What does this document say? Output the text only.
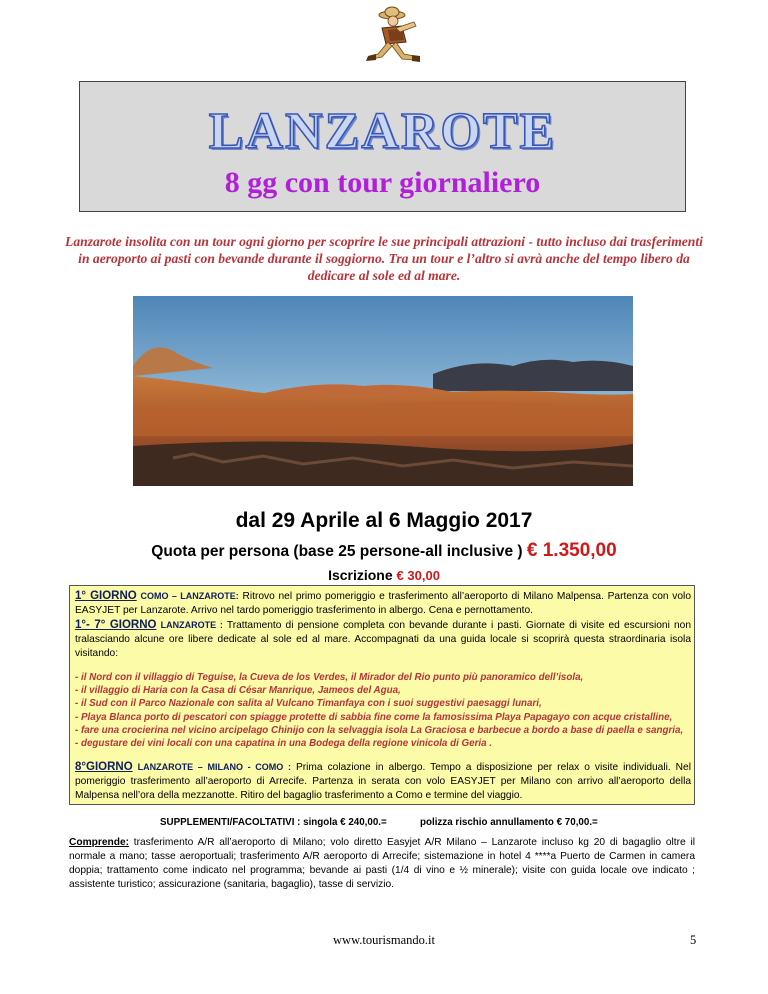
LANZAROTE
8 gg con tour giornaliero

Lanzarote insolita con un tour ogni giorno per scoprire le sue principali attrazioni - tutto incluso dai trasferimenti in aeroporto ai pasti con bevande durante il soggiorno. Tra un tour e l’altro si avrà anche del tempo libero da dedicare al sole ed al mare.

dal 29 Aprile al 6 Maggio 2017
Quota per persona (base 25 persone-all inclusive ) € 1.350,00
Iscrizione € 30,00

1° GIORNO COMO – LANZAROTE: Ritrovo nel primo pomeriggio e trasferimento all’aeroporto di Milano Malpensa. Partenza con volo EASYJET per Lanzarote. Arrivo nel tardo pomeriggio trasferimento in albergo. Cena e pernottamento.

1°- 7° GIORNO LANZAROTE : Trattamento di pensione completa con bevande durante i pasti. Giornate di visite ed escursioni non tralasciando alcune ore libere dedicate al sole ed al mare. Accompagnati da una guida locale si scoprirà questa straordinaria isola visitando:

- il Nord con il villaggio di Teguise, la Cueva de los Verdes, il Mirador del Rio punto più panoramico dell’isola,
- il villaggio di Haria con la Casa di César Manrique, Jameos del Agua,
- il Sud con il Parco Nazionale con salita al Vulcano Timanfaya con i suoi suggestivi paesaggi lunari,
- Playa Blanca porto di pescatori con spiagge protette di sabbia fine come la famosissima Playa Papagayo con acque cristalline,
- fare una crocierina nel vicino arcipelago Chinijo con la selvaggia isola La Graciosa e barbecue a bordo a base di paella e sangria,
- degustare dei vini locali con una capatina in una Bodega della regione vinicola di Geria .

8°GIORNO LANZAROTE – MILANO - COMO : Prima colazione in albergo. Tempo a disposizione per relax o visite individuali. Nel pomeriggio trasferimento all’aeroporto di Arrecife. Partenza in serata con volo EASYJET per Milano con arrivo all’aeroporto della Malpensa nell’ora della mezzanotte. Ritiro del bagaglio trasferimento a Como e termine del viaggio.

SUPPLEMENTI/FACOLTATIVI : singola € 240,00.=	polizza rischio annullamento € 70,00.=

Comprende: trasferimento A/R all’aeroporto di Milano; volo diretto Easyjet A/R Milano – Lanzarote incluso kg 20 di bagaglio oltre il normale a mano; tasse aeroportuali; trasferimento A/R aeroporto di Arrecife; sistemazione in hotel 4 ****a Puerto de Carmen in camera doppia; trattamento come indicato nel programma; bevande ai pasti (1/4 di vino e ½ minerale); visite con guida locale ove indicato ; assistente turistico; assicurazione (sanitaria, bagaglio), tasse di servizio.

www.tourismando.it	5
